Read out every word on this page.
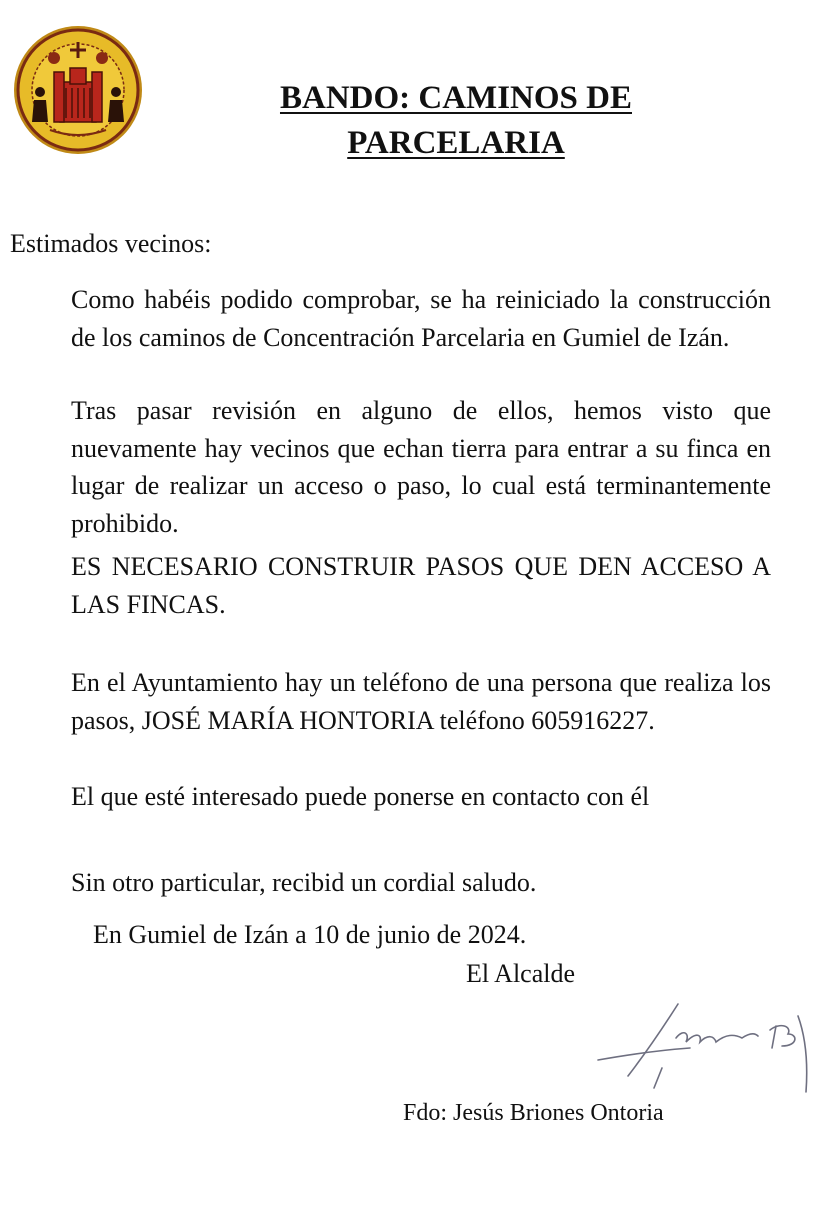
BANDO: CAMINOS DE PARCELARIA
Estimados vecinos:
Como habéis podido comprobar, se ha reiniciado la construcción de los caminos de Concentración Parcelaria en Gumiel de Izán.
Tras pasar revisión en alguno de ellos, hemos visto que nuevamente hay vecinos que echan tierra para entrar a su finca en lugar de realizar un acceso o paso, lo cual está terminantemente prohibido.
ES NECESARIO CONSTRUIR PASOS QUE DEN ACCESO A LAS FINCAS.
En el Ayuntamiento hay un teléfono de una persona que realiza los pasos, JOSÉ MARÍA HONTORIA teléfono 605916227.
El que esté interesado puede ponerse en contacto con él
Sin otro particular, recibid un cordial saludo.
En Gumiel de Izán a 10 de junio de 2024.
El Alcalde
Fdo: Jesús Briones Ontoria
